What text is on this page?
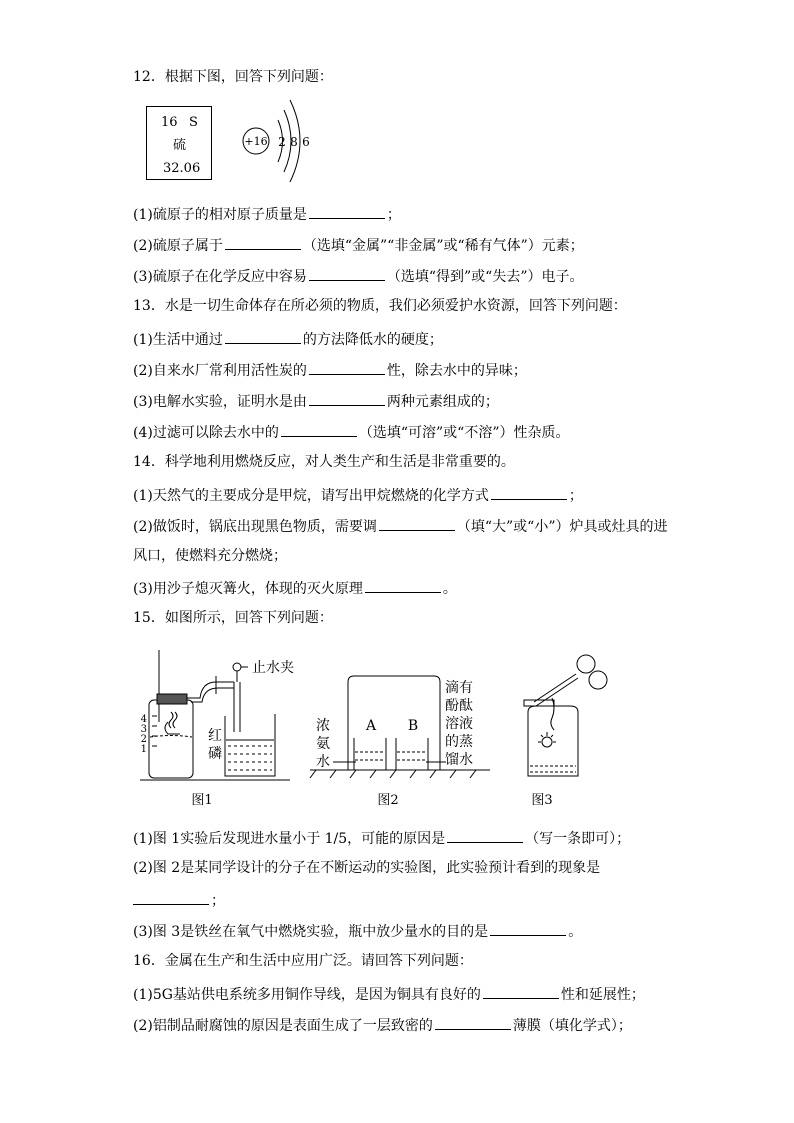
12．根据下图，回答下列问题：
16 S
硫
32.06
+16 2 8 6
(1)硫原子的相对原子质量是	；
(2)硫原子属于	（选填“金属”“非金属”或“稀有气体”）元素；
(3)硫原子在化学反应中容易	（选填“得到”或“失去”）电子。
13．水是一切生命体存在所必须的物质，我们必须爱护水资源，回答下列问题：
(1)生活中通过	的方法降低水的硬度；
(2)自来水厂常利用活性炭的	性，除去水中的异味；
(3)电解水实验，证明水是由	两种元素组成的；
(4)过滤可以除去水中的	（选填“可溶”或“不溶”）性杂质。
14．科学地利用燃烧反应，对人类生产和生活是非常重要的。
(1)天然气的主要成分是甲烷，请写出甲烷燃烧的化学方式	；
(2)做饭时，锅底出现黑色物质，需要调	（填“大”或“小”）炉具或灶具的进
风口，使燃料充分燃烧；
(3)用沙子熄灭篝火，体现的灭火原理	。
15．如图所示，回答下列问题：
4
3
2
1
止水夹
红
磷
图1
A B
浓
氨
水
滴有
酚酞
溶液
的蒸
馏水
图2	图3
(1)图 1实验后发现进水量小于 1/5，可能的原因是	（写一条即可）；
(2)图 2是某同学设计的分子在不断运动的实验图，此实验预计看到的现象是
；
(3)图 3是铁丝在氧气中燃烧实验，瓶中放少量水的目的是	。
16．金属在生产和生活中应用广泛。请回答下列问题：
(1)5G基站供电系统多用铜作导线，是因为铜具有良好的	性和延展性；
(2)铝制品耐腐蚀的原因是表面生成了一层致密的	薄膜（填化学式）；
